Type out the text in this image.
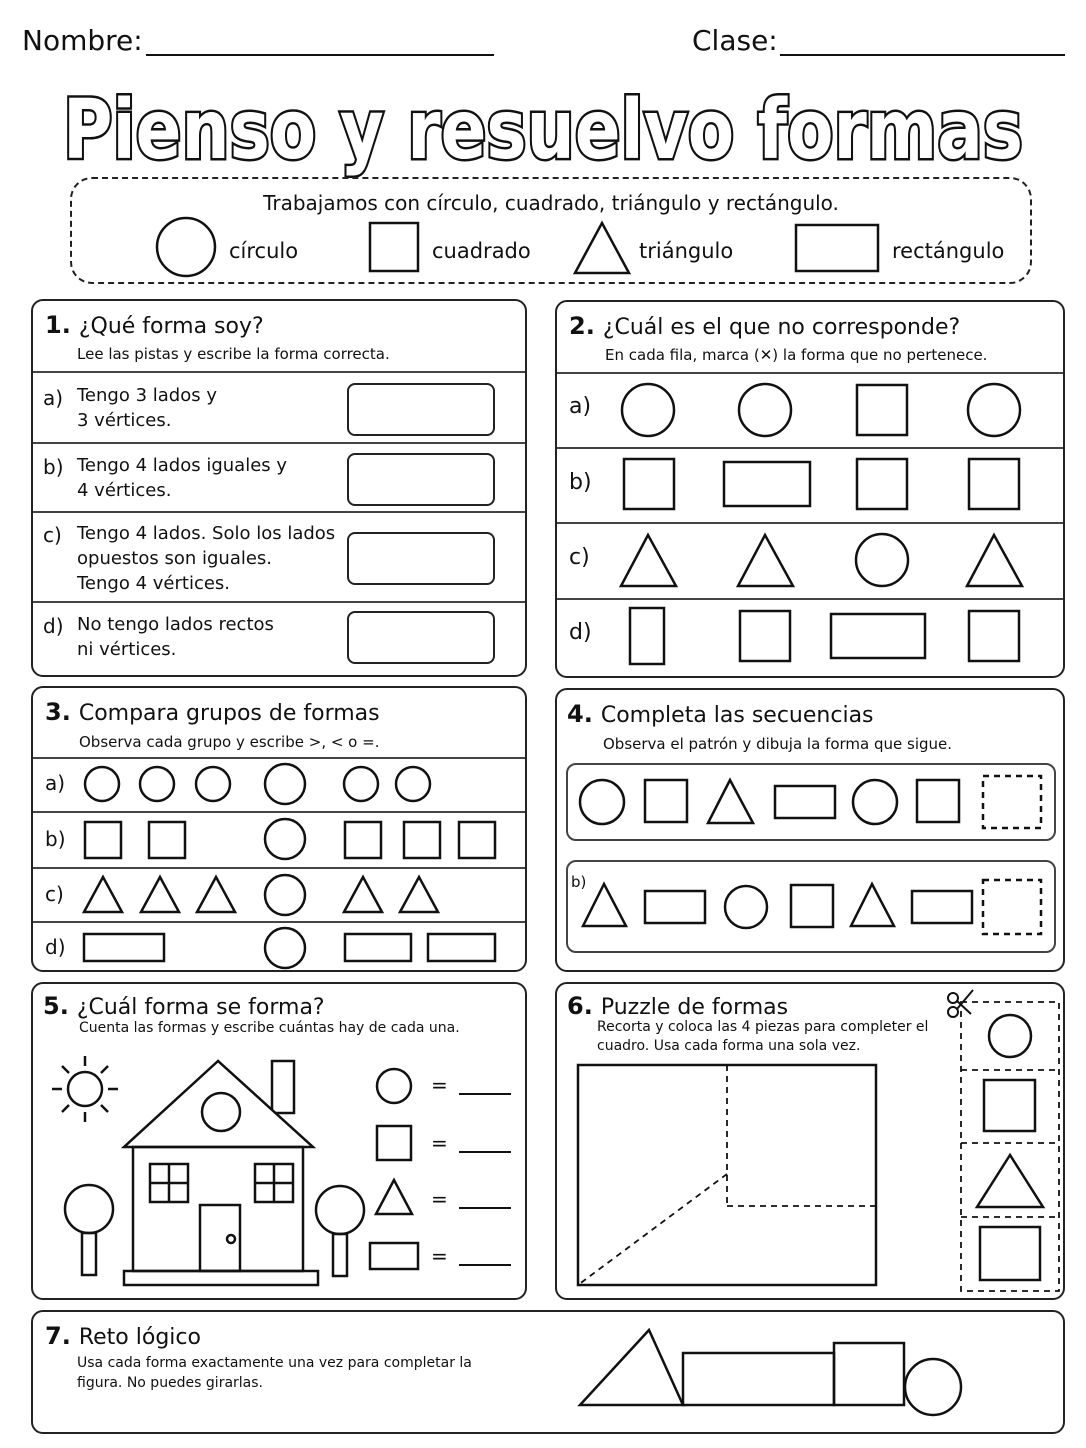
Nombre:	Clase:
Pienso y resuelvo formas
Trabajamos con círculo, cuadrado, triángulo y rectángulo.
círculo	cuadrado	triángulo	rectángulo
1. ¿Qué forma soy?
Lee las pistas y escribe la forma correcta.
a) Tengo 3 lados y
3 vértices.
b) Tengo 4 lados iguales y
4 vértices.
c) Tengo 4 lados. Solo los lados
opuestos son iguales.
Tengo 4 vértices.
d) No tengo lados rectos
ni vértices.
2. ¿Cuál es el que no corresponde?
En cada fila, marca (✕) la forma que no pertenece.
a)
b)
c)
d)
3. Compara grupos de formas
Observa cada grupo y escribe >, < o =.
a)
b)
c)
d)
4. Completa las secuencias
Observa el patrón y dibuja la forma que sigue.
b)
5. ¿Cuál forma se forma?
Cuenta las formas y escribe cuántas hay de cada una.
=
=
=
=
6. Puzzle de formas
Recorta y coloca las 4 piezas para completer el
cuadro. Usa cada forma una sola vez.
7. Reto lógico
Usa cada forma exactamente una vez para completar la
figura. No puedes girarlas.
